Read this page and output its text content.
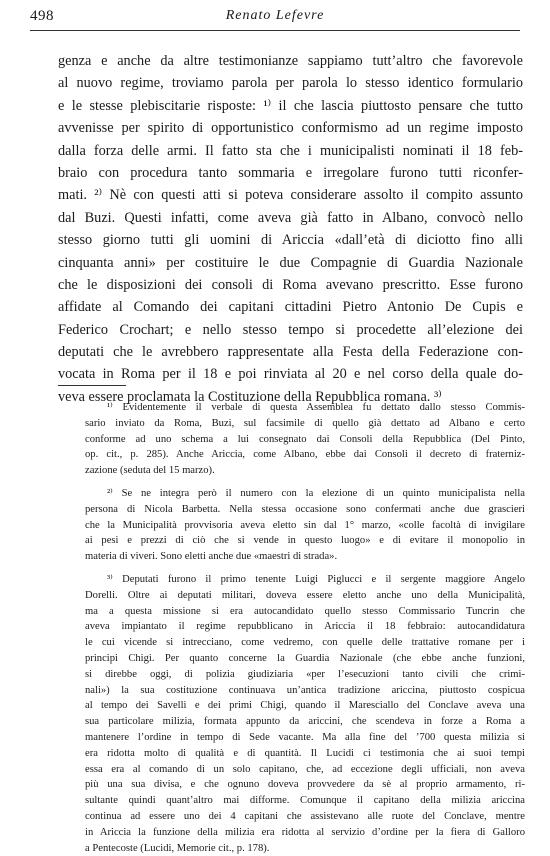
498	Renato Lefevre
genza e anche da altre testimonianze sappiamo tutt’altro che favorevole
al nuovo regime, troviamo parola per parola lo stesso identico formulario
e le stesse plebiscitarie risposte: ¹⁾ il che lascia piuttosto pensare che tutto
avvenisse per spirito di opportunistico conformismo ad un regime imposto
dalla forza delle armi. Il fatto sta che i municipalisti nominati il 18 feb-
braio con procedura tanto sommaria e irregolare furono tutti riconfer-
mati. ²⁾ Nè con questi atti si poteva considerare assolto il compito assunto
dal Buzi. Questi infatti, come aveva già fatto in Albano, convocò nello
stesso giorno tutti gli uomini di Ariccia «dall’età di diciotto fino alli
cinquanta anni» per costituire le due Compagnie di Guardia Nazionale
che le disposizioni dei consoli di Roma avevano prescritto. Esse furono
affidate al Comando dei capitani cittadini Pietro Antonio De Cupis e
Federico Crochart; e nello stesso tempo si procedette all’elezione dei
deputati che le avrebbero rappresentate alla Festa della Federazione con-
vocata in Roma per il 18 e poi rinviata al 20 e nel corso della quale do-
veva essere proclamata la Costituzione della Repubblica romana. ³⁾
¹⁾ Evidentemente il verbale di questa Assemblea fu dettato dallo stesso Commis-
sario inviato da Roma, Buzi, sul facsimile di quello già dettato ad Albano e certo
conforme ad uno schema a lui consegnato dai Consoli della Repubblica (Del Pinto,
op. cit., p. 285). Anche Ariccia, come Albano, ebbe dai Consoli il decreto di fraterniz-
zazione (seduta del 15 marzo).
²⁾ Se ne integra però il numero con la elezione di un quinto municipalista nella
persona di Nicola Barbetta. Nella stessa occasione sono confermati anche due grascieri
che la Municipalità provvisoria aveva eletto sin dal 1° marzo, «colle facoltà di invigilare
ai pesi e prezzi di ciò che si vende in questo luogo» e di evitare il monopolio in
materia di viveri. Sono eletti anche due «maestri di strada».
³⁾ Deputati furono il primo tenente Luigi Piglucci e il sergente maggiore Angelo
Dorelli. Oltre ai deputati militari, doveva essere eletto anche uno della Municipalità,
ma a questa missione si era autocandidato quello stesso Commissario Tuncrin che
aveva impiantato il regime repubblicano in Ariccia il 18 febbraio: autocandidatura
le cui vicende si intrecciano, come vedremo, con quelle delle trattative romane per i
principi Chigi. Per quanto concerne la Guardia Nazionale (che ebbe anche funzioni,
si direbbe oggi, di polizia giudiziaria «per l’esecuzioni tanto civili che crimi-
nali») la sua costituzione continuava un’antica tradizione ariccina, piuttosto cospicua
al tempo dei Savelli e dei primi Chigi, quando il Maresciallo del Conclave aveva una
sua particolare milizia, formata appunto da ariccini, che scendeva in forze a Roma a
mantenere l’ordine in tempo di Sede vacante. Ma alla fine del ’700 questa milizia si
era ridotta molto di qualità e di quantità. Il Lucidi ci testimonia che ai suoi tempi
essa era al comando di un solo capitano, che, ad eccezione degli ufficiali, non aveva
più una sua divisa, e che ognuno doveva provvedere da sè al proprio armamento, ri-
sultante quindi quant’altro mai difforme. Comunque il capitano della milizia ariccina
continua ad essere uno dei 4 capitani che assistevano alle ruote del Conclave, mentre
in Ariccia la funzione della milizia era ridotta al servizio d’ordine per la fiera di Galloro
a Pentecoste (Lucidi, Memorie cit., p. 178).
